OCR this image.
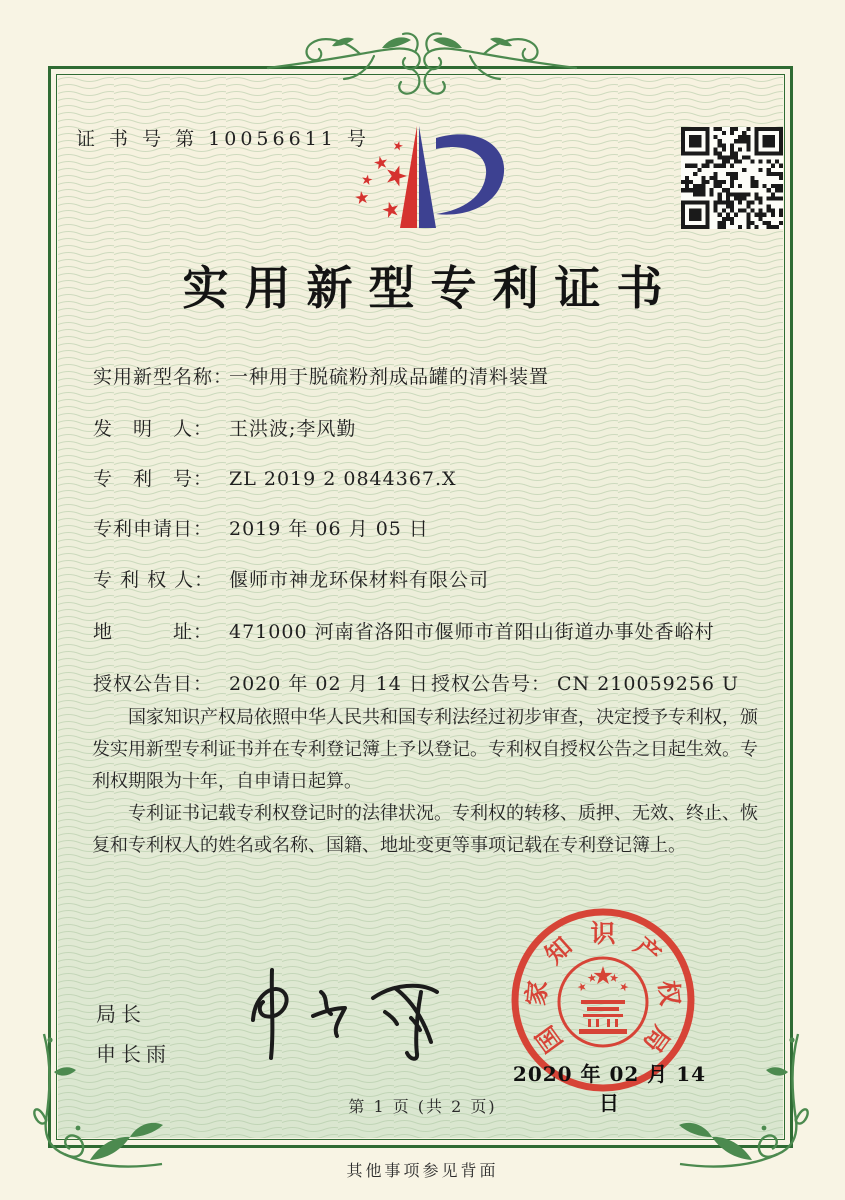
证 书 号 第 10056611 号
实用新型专利证书
实用新型名称：一种用于脱硫粉剂成品罐的清料装置
发　明　人： 王洪波;李风勤
专　利　号： ZL 2019 2 0844367.X
专利申请日： 2019 年 06 月 05 日
专 利 权 人： 偃师市神龙环保材料有限公司
地　　　址： 471000 河南省洛阳市偃师市首阳山街道办事处香峪村
授权公告日： 2020 年 02 月 14 日 授权公告号： CN 210059256 U

国家知识产权局依照中华人民共和国专利法经过初步审查，决定授予专利权，颁发实用新型专利证书并在专利登记簿上予以登记。专利权自授权公告之日起生效。专利权期限为十年，自申请日起算。

专利证书记载专利权登记时的法律状况。专利权的转移、质押、无效、终止、恢复和专利权人的姓名或名称、国籍、地址变更等事项记载在专利登记簿上。

局长
申长雨	国
家
知 识 产
权
局
2020 年 02 月 14 日
第 1 页 (共 2 页)
其他事项参见背面
